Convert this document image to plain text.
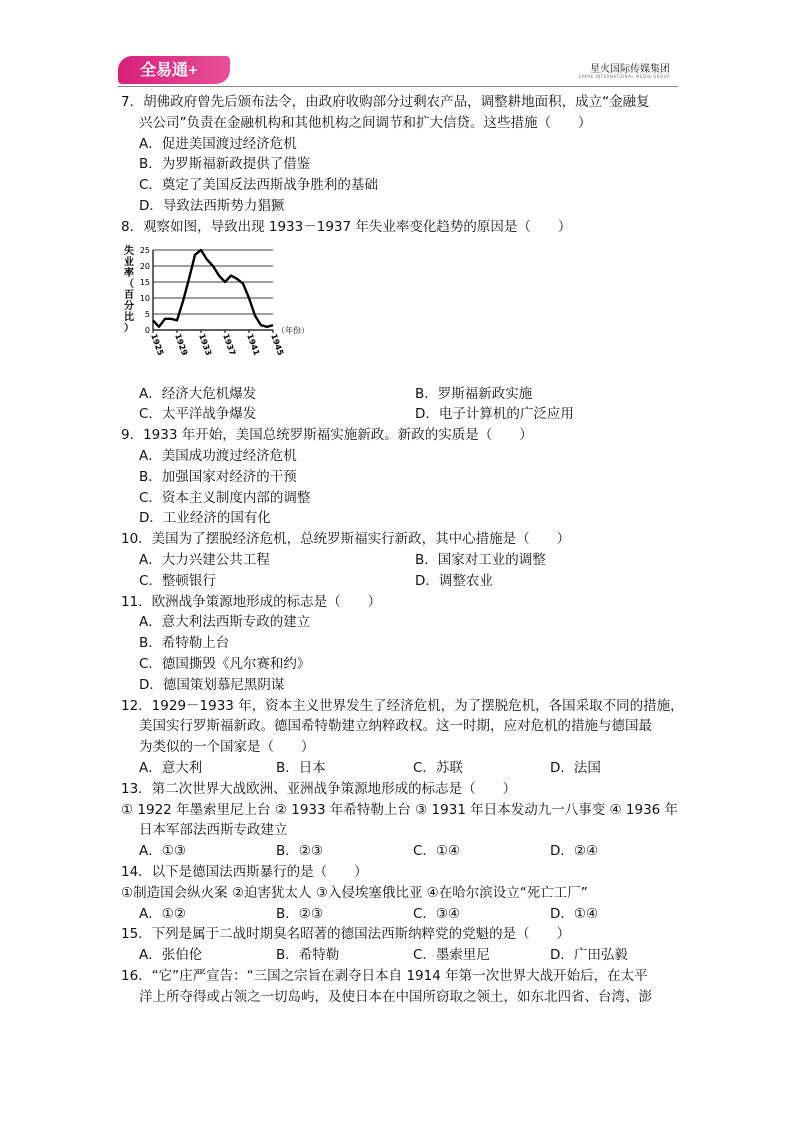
全易通+	星火国际传媒集团
SPARK INTERNATIONAL MEDIA GROUP
7．胡佛政府曾先后颁布法令，由政府收购部分过剩农产品，调整耕地面积，成立“金融复
兴公司”负责在金融机构和其他机构之间调节和扩大信贷。这些措施（　　）
A．促进美国渡过经济危机
B．为罗斯福新政提供了借鉴
C．奠定了美国反法西斯战争胜利的基础
D．导致法西斯势力猖獗
8．观察如图，导致出现 1933－1937 年失业率变化趋势的原因是（　　）
失
业
率
（
百
分
比
） 0
5
10
15
20
25
1925 1929 1933 1937 1941 1945
（年份）
A．经济大危机爆发	B．罗斯福新政实施
C．太平洋战争爆发	D．电子计算机的广泛应用
9．1933 年开始，美国总统罗斯福实施新政。新政的实质是（　　）
A．美国成功渡过经济危机
B．加强国家对经济的干预
C．资本主义制度内部的调整
D．工业经济的国有化
10．美国为了摆脱经济危机，总统罗斯福实行新政，其中心措施是（　　）
A．大力兴建公共工程	B．国家对工业的调整
C．整顿银行	D．调整农业
11．欧洲战争策源地形成的标志是（　　）
A．意大利法西斯专政的建立
B．希特勒上台
C．德国撕毁《凡尔赛和约》
D．德国策划慕尼黑阴谋
12．1929－1933 年，资本主义世界发生了经济危机，为了摆脱危机，各国采取不同的措施，
美国实行罗斯福新政。德国希特勒建立纳粹政权。这一时期，应对危机的措施与德国最
为类似的一个国家是（　　）
A．意大利	B．日本	C．苏联	D．法国
13．第二次世界大战欧洲、亚洲战争策源地形成的标志是（　　）
① 1922 年墨索里尼上台 ② 1933 年希特勒上台 ③ 1931 年日本发动九一八事变 ④ 1936 年
日本军部法西斯专政建立
A．①③	B．②③	C．①④	D．②④
14．以下是德国法西斯暴行的是（　　）
①制造国会纵火案 ②迫害犹太人 ③入侵埃塞俄比亚 ④在哈尔滨设立“死亡工厂”
A．①②	B．②③	C．③④	D．①④
15．下列是属于二战时期臭名昭著的德国法西斯纳粹党的党魁的是（　　）
A．张伯伦	B．希特勒	C．墨索里尼	D．广田弘毅
16．“它”庄严宣告：“三国之宗旨在剥夺日本自 1914 年第一次世界大战开始后，在太平
洋上所夺得或占领之一切岛屿，及使日本在中国所窃取之领土，如东北四省、台湾、澎
